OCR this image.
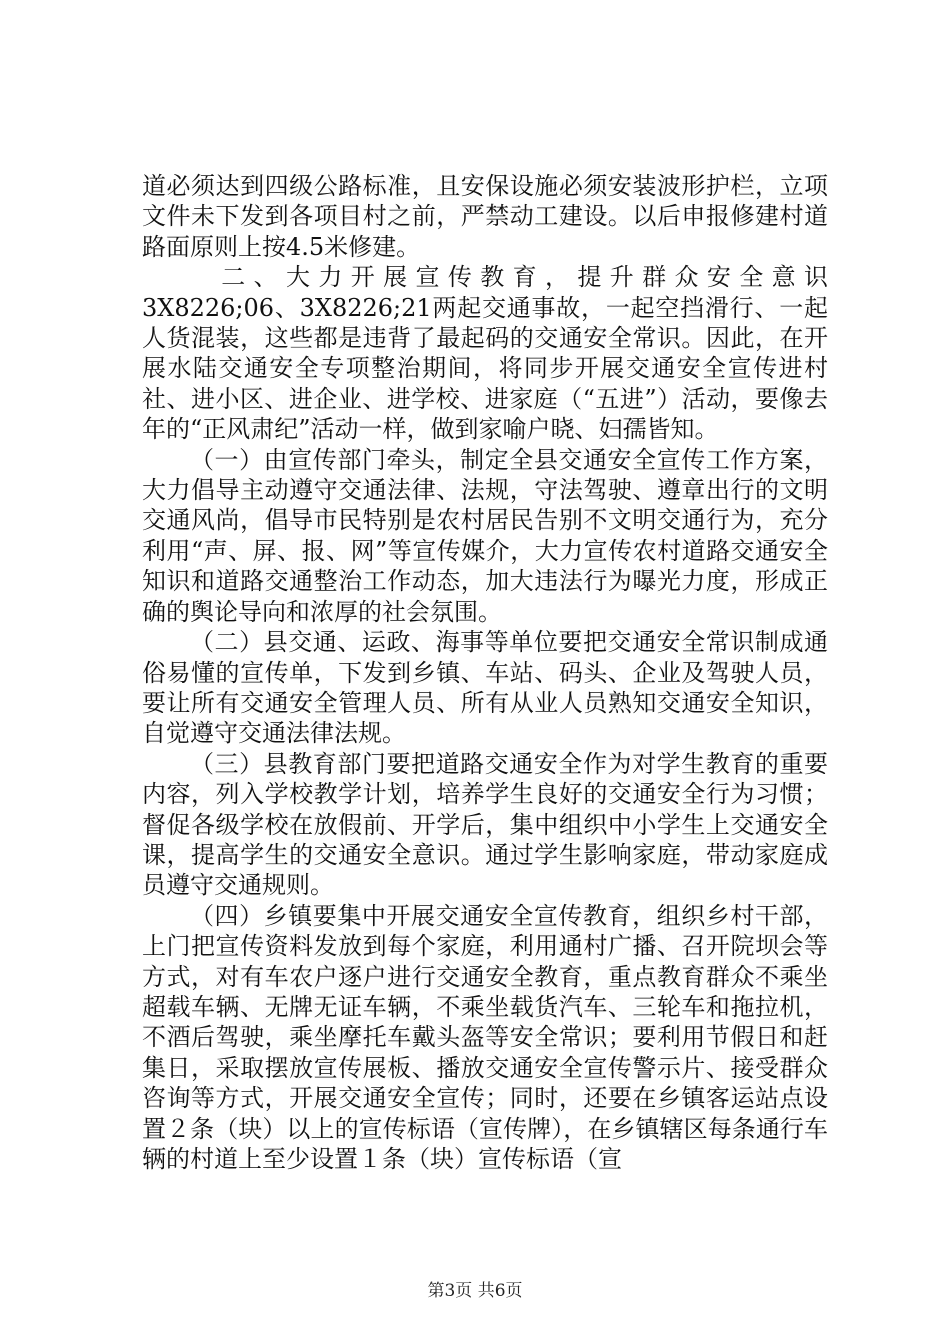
道必须达到四级公路标准，且安保设施必须安装波形护栏，立项文件未下发到各项目村之前，严禁动工建设。以后申报修建村道路面原则上按4.5米修建。

二、大力开展宣传教育，提升群众安全意识3X8226;06、3X8226;21两起交通事故，一起空挡滑行、一起人货混装，这些都是违背了最起码的交通安全常识。因此，在开展水陆交通安全专项整治期间，将同步开展交通安全宣传进村社、进小区、进企业、进学校、进家庭（“五进”）活动，要像去年的“正风肃纪”活动一样，做到家喻户晓、妇孺皆知。

（一）由宣传部门牵头，制定全县交通安全宣传工作方案，大力倡导主动遵守交通法律、法规，守法驾驶、遵章出行的文明交通风尚，倡导市民特别是农村居民告别不文明交通行为，充分利用“声、屏、报、网”等宣传媒介，大力宣传农村道路交通安全知识和道路交通整治工作动态，加大违法行为曝光力度，形成正确的舆论导向和浓厚的社会氛围。

（二）县交通、运政、海事等单位要把交通安全常识制成通俗易懂的宣传单，下发到乡镇、车站、码头、企业及驾驶人员，要让所有交通安全管理人员、所有从业人员熟知交通安全知识，自觉遵守交通法律法规。

（三）县教育部门要把道路交通安全作为对学生教育的重要内容，列入学校教学计划，培养学生良好的交通安全行为习惯；督促各级学校在放假前、开学后，集中组织中小学生上交通安全课，提高学生的交通安全意识。通过学生影响家庭，带动家庭成员遵守交通规则。

（四）乡镇要集中开展交通安全宣传教育，组织乡村干部，上门把宣传资料发放到每个家庭，利用通村广播、召开院坝会等方式，对有车农户逐户进行交通安全教育，重点教育群众不乘坐超载车辆、无牌无证车辆，不乘坐载货汽车、三轮车和拖拉机，不酒后驾驶，乘坐摩托车戴头盔等安全常识；要利用节假日和赶集日，采取摆放宣传展板、播放交通安全宣传警示片、接受群众咨询等方式，开展交通安全宣传；同时，还要在乡镇客运站点设置２条（块）以上的宣传标语（宣传牌），在乡镇辖区每条通行车辆的村道上至少设置１条（块）宣传标语（宣

第3页 共6页
